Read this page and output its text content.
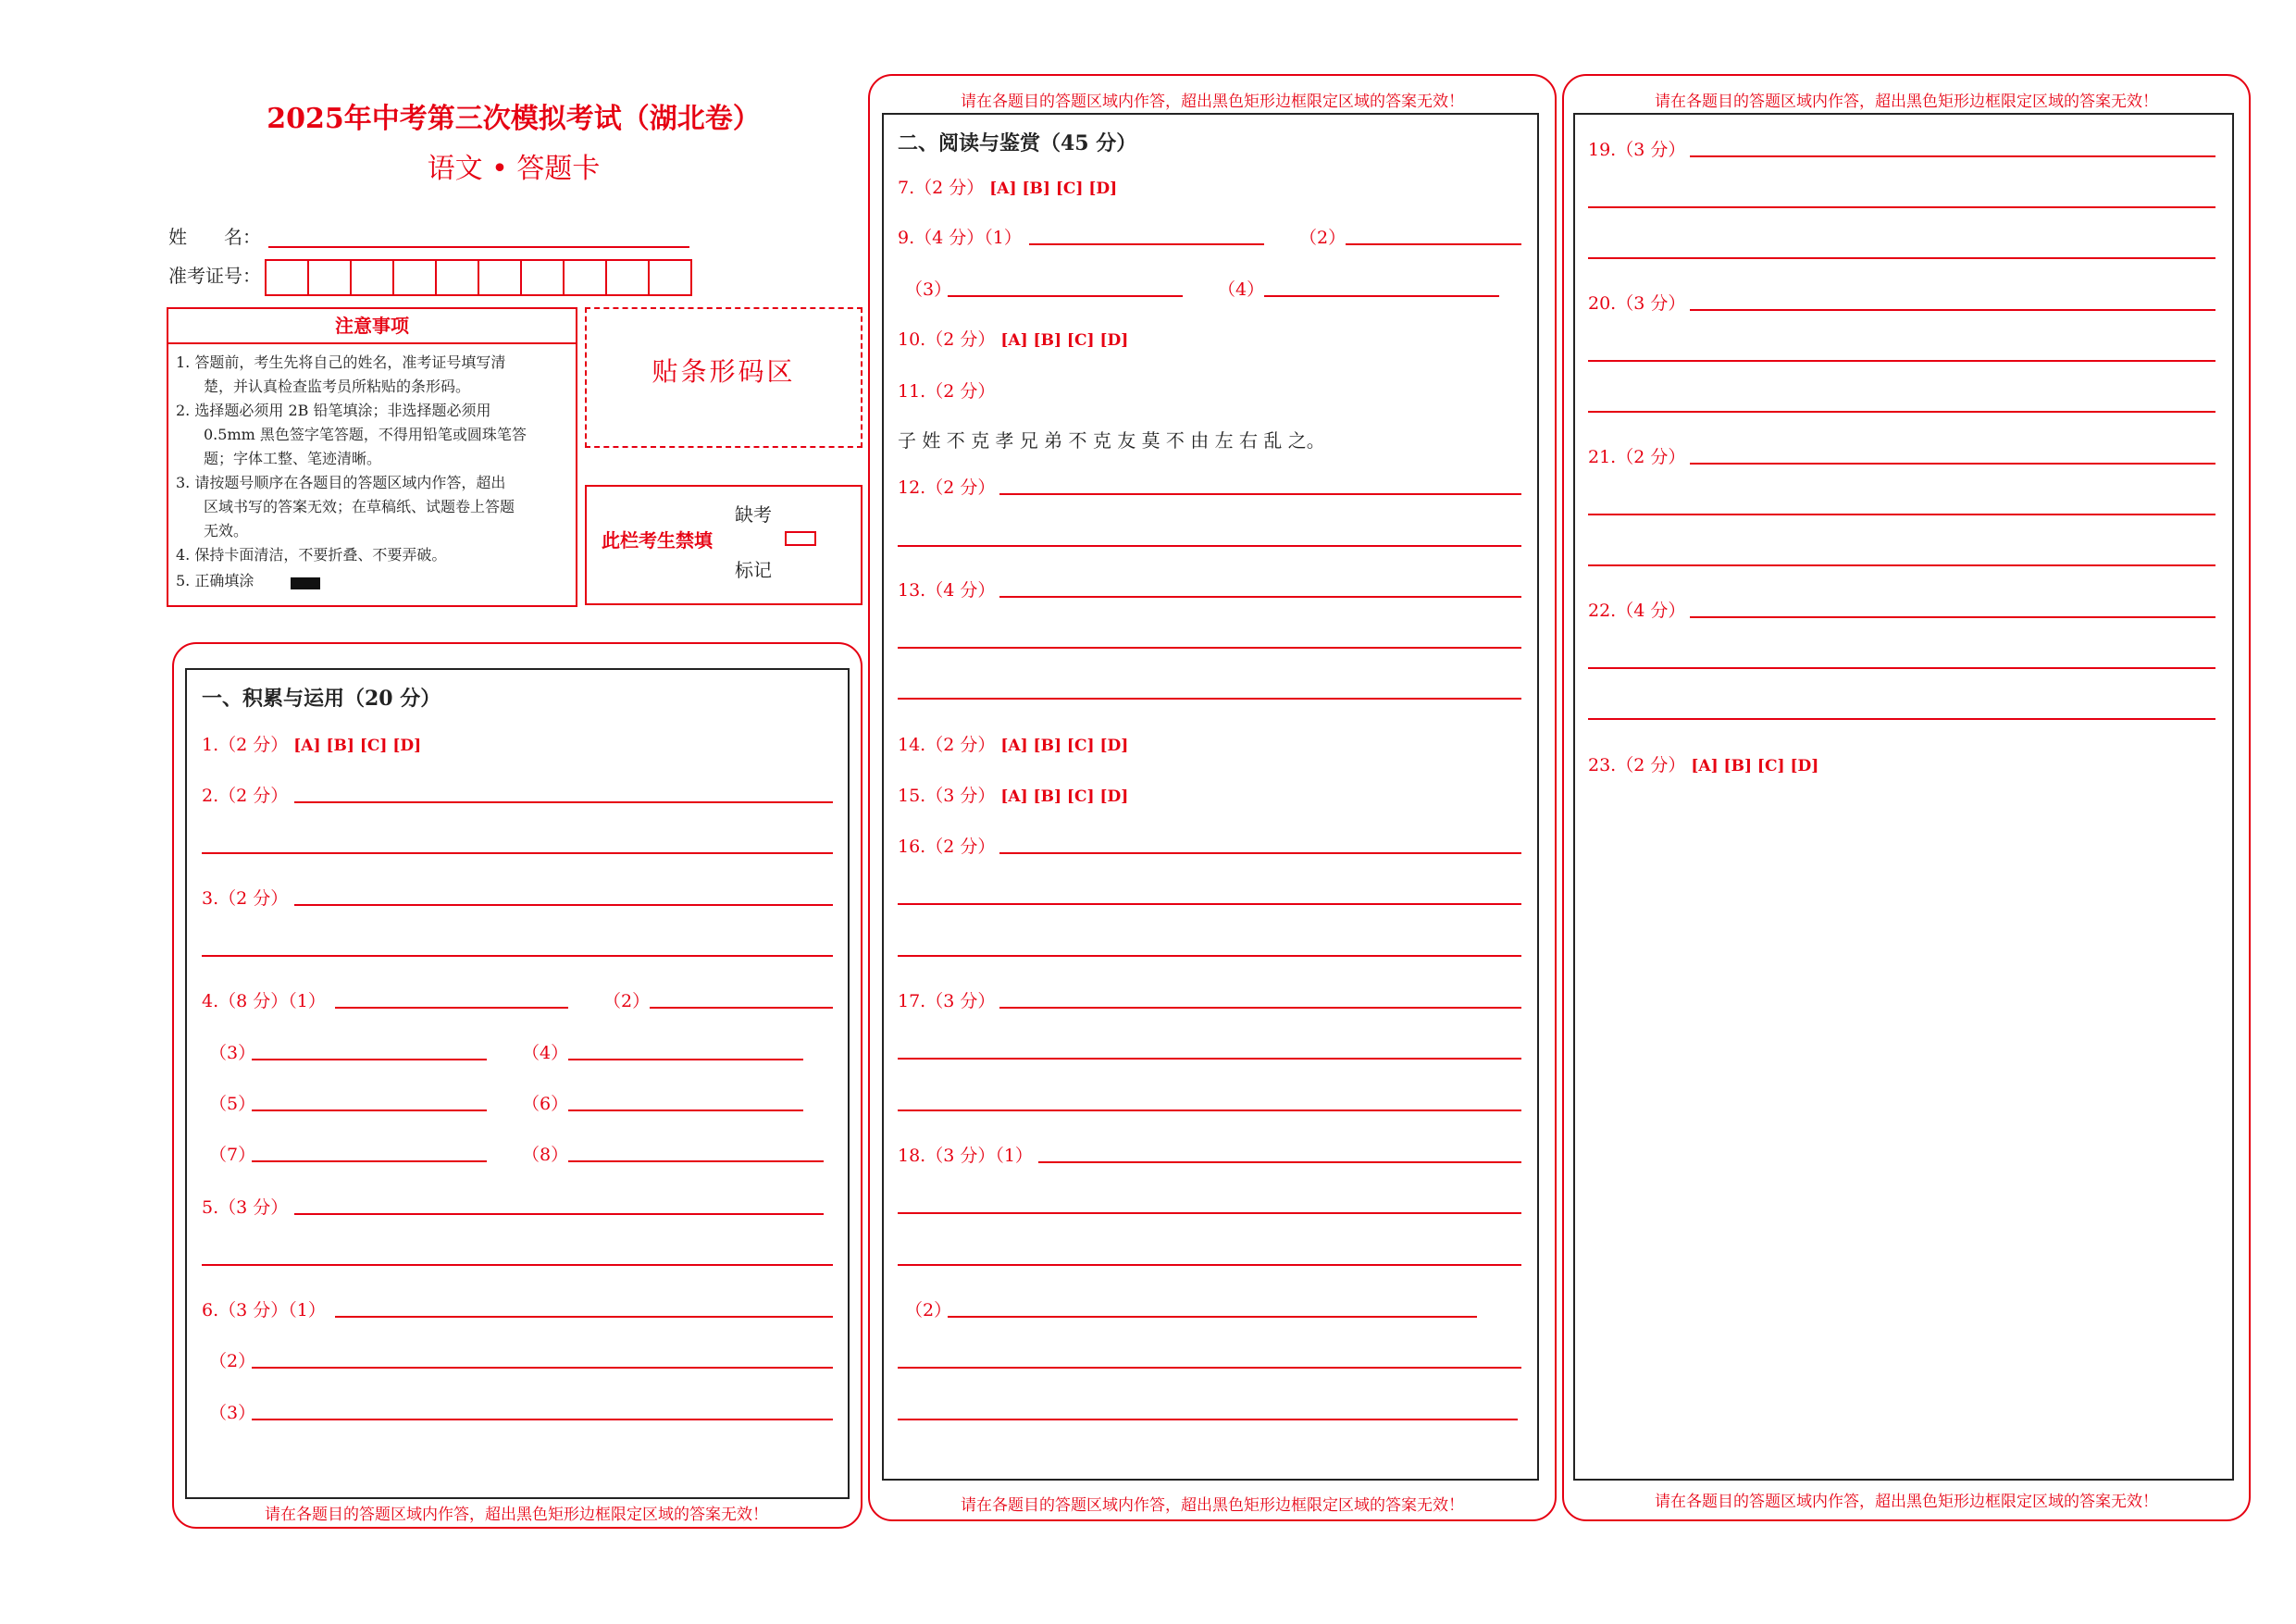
2025年中考第三次模拟考试（湖北卷）
语文 • 答题卡
姓　　名：
准考证号：
注意事项
1. 答题前，考生先将自己的姓名，准考证号填写清
楚，并认真检查监考员所粘贴的条形码。
2. 选择题必须用 2B 铅笔填涂；非选择题必须用
0.5mm 黑色签字笔答题，不得用铅笔或圆珠笔答
题；字体工整、笔迹清晰。
3. 请按题号顺序在各题目的答题区域内作答，超出
区域书写的答案无效；在草稿纸、试题卷上答题
无效。
4. 保持卡面清洁，不要折叠、不要弄破。
5. 正确填涂
贴条形码区
此栏考生禁填
缺考
标记
一、积累与运用（20 分）
1.（2 分） [A] [B] [C] [D]
2.（2 分）
3.（2 分）
4.（8 分）（1）	（2）
（3）	（4）
（5）	（6）
（7）	（8）
5.（3 分）
6.（3 分）（1）
（2）
（3）
请在各题目的答题区域内作答，超出黑色矩形边框限定区域的答案无效！
请在各题目的答题区域内作答，超出黑色矩形边框限定区域的答案无效！
二、阅读与鉴赏（45 分）
7.（2 分） [A] [B] [C] [D]
9.（4 分）（1）	（2）
（3）	（4）
10.（2 分） [A] [B] [C] [D]
11.（2 分）
子 姓 不 克 孝 兄 弟 不 克 友 莫 不 由 左 右 乱 之。
12.（2 分）
13.（4 分）
14.（2 分） [A] [B] [C] [D]
15.（3 分） [A] [B] [C] [D]
16.（2 分）
17.（3 分）
18.（3 分）（1）
（2）
请在各题目的答题区域内作答，超出黑色矩形边框限定区域的答案无效！
请在各题目的答题区域内作答，超出黑色矩形边框限定区域的答案无效！
19.（3 分）
20.（3 分）
21.（2 分）
22.（4 分）
23.（2 分） [A] [B] [C] [D]
请在各题目的答题区域内作答，超出黑色矩形边框限定区域的答案无效！
